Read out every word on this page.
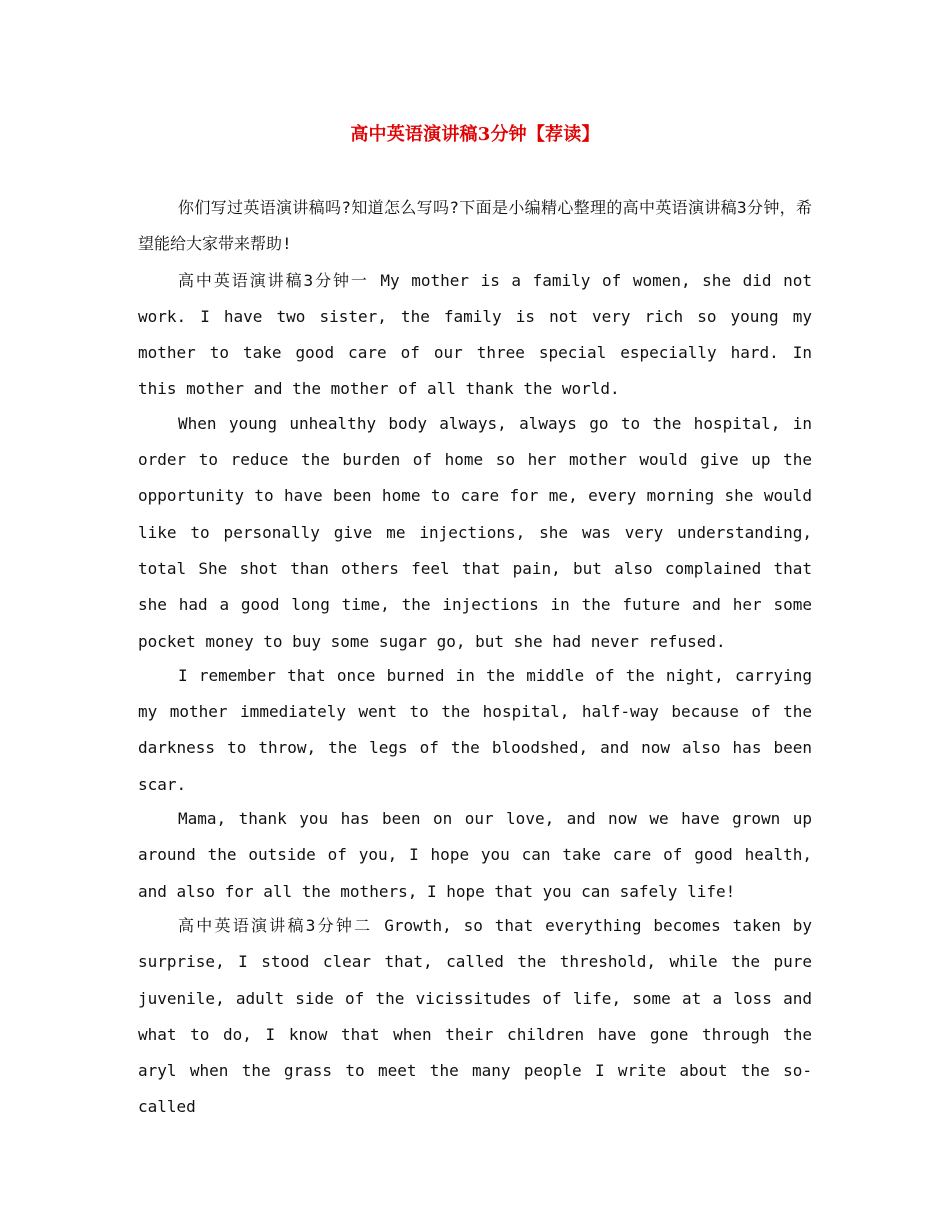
高中英语演讲稿3分钟【荐读】

你们写过英语演讲稿吗?知道怎么写吗?下面是小编精心整理的高中英语演讲稿3分钟，希望能给大家带来帮助!

高中英语演讲稿3分钟一 My mother is a family of women, she did not work. I have two sister, the family is not very rich so young my mother to take good care of our three special especially hard. In this mother and the mother of all thank the world.

When young unhealthy body always, always go to the hospital, in order to reduce the burden of home so her mother would give up the opportunity to have been home to care for me, every morning she would like to personally give me injections, she was very understanding, total She shot than others feel that pain, but also complained that she had a good long time, the injections in the future and her some pocket money to buy some sugar go, but she had never refused.

I remember that once burned in the middle of the night, carrying my mother immediately went to the hospital, half-way because of the darkness to throw, the legs of the bloodshed, and now also has been scar.

Mama, thank you has been on our love, and now we have grown up around the outside of you, I hope you can take care of good health, and also for all the mothers, I hope that you can safely life!

高中英语演讲稿3分钟二 Growth, so that everything becomes taken by surprise, I stood clear that, called the threshold, while the pure juvenile, adult side of the vicissitudes of life, some at a loss and what to do, I know that when their children have gone through the aryl when the grass to meet the many people I write about the so-called
